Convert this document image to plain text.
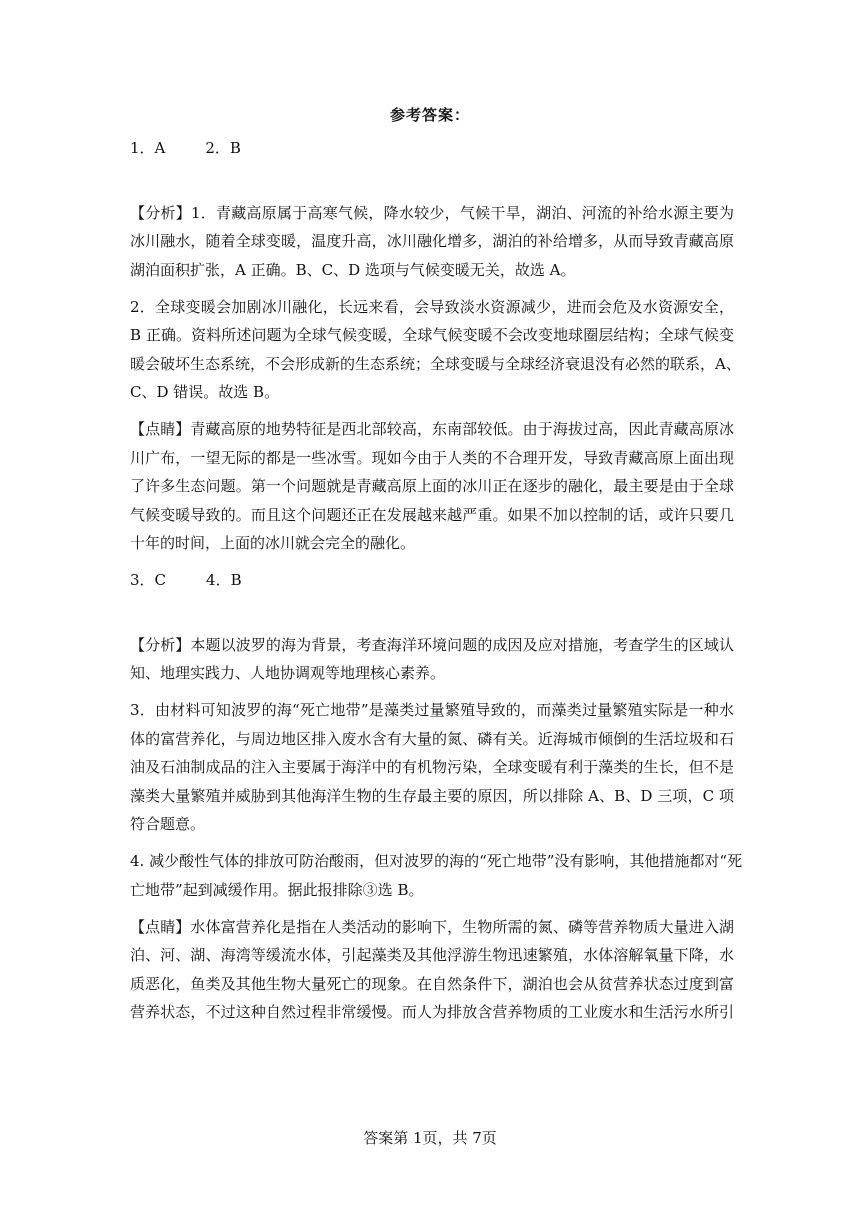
参考答案：
1．A	2．B
【分析】1．青藏高原属于高寒气候，降水较少，气候干旱，湖泊、河流的补给水源主要为
冰川融水，随着全球变暖，温度升高，冰川融化增多，湖泊的补给增多，从而导致青藏高原
湖泊面积扩张，A 正确。B、C、D 选项与气候变暖无关，故选 A。
2．全球变暖会加剧冰川融化，长远来看，会导致淡水资源减少，进而会危及水资源安全，
B 正确。资料所述问题为全球气候变暖，全球气候变暖不会改变地球圈层结构；全球气候变
暖会破坏生态系统，不会形成新的生态系统；全球变暖与全球经济衰退没有必然的联系，A、
C、D 错误。故选 B。
【点睛】青藏高原的地势特征是西北部较高，东南部较低。由于海拔过高，因此青藏高原冰
川广布，一望无际的都是一些冰雪。现如今由于人类的不合理开发，导致青藏高原上面出现
了许多生态问题。第一个问题就是青藏高原上面的冰川正在逐步的融化，最主要是由于全球
气候变暖导致的。而且这个问题还正在发展越来越严重。如果不加以控制的话，或许只要几
十年的时间，上面的冰川就会完全的融化。
3．C	4．B
【分析】本题以波罗的海为背景，考查海洋环境问题的成因及应对措施，考查学生的区域认
知、地理实践力、人地协调观等地理核心素养。
3．由材料可知波罗的海“死亡地带”是藻类过量繁殖导致的，而藻类过量繁殖实际是一种水
体的富营养化，与周边地区排入废水含有大量的氮、磷有关。近海城市倾倒的生活垃圾和石
油及石油制成品的注入主要属于海洋中的有机物污染，全球变暖有利于藻类的生长，但不是
藻类大量繁殖并威胁到其他海洋生物的生存最主要的原因，所以排除 A、B、D 三项，C 项
符合题意。
4. 减少酸性气体的排放可防治酸雨，但对波罗的海的“死亡地带”没有影响，其他措施都对“死
亡地带”起到减缓作用。据此报排除③选 B。
【点睛】水体富营养化是指在人类活动的影响下，生物所需的氮、磷等营养物质大量进入湖
泊、河、湖、海湾等缓流水体，引起藻类及其他浮游生物迅速繁殖，水体溶解氧量下降，水
质恶化，鱼类及其他生物大量死亡的现象。在自然条件下，湖泊也会从贫营养状态过度到富
营养状态，不过这种自然过程非常缓慢。而人为排放含营养物质的工业废水和生活污水所引
答案第 1页，共 7页
